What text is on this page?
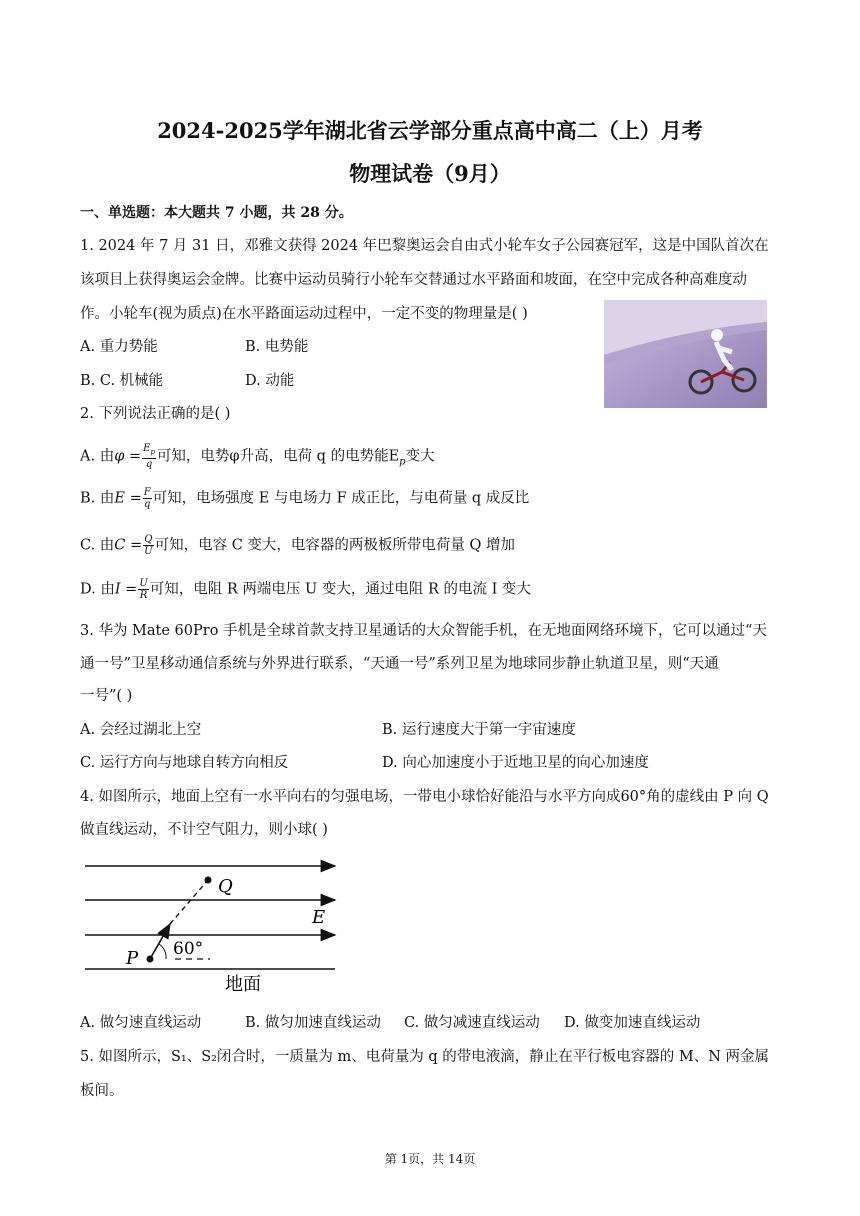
2024-2025学年湖北省云学部分重点高中高二（上）月考
物理试卷（9月）
一、单选题：本大题共 7 小题，共 28 分。
1. 2024 年 7 月 31 日，邓雅文获得 2024 年巴黎奥运会自由式小轮车女子公园赛冠军，这是中国队首次在
该项目上获得奥运会金牌。比赛中运动员骑行小轮车交替通过水平路面和坡面，在空中完成各种高难度动
作。小轮车(视为质点)在水平路面运动过程中，一定不变的物理量是( )
A. 重力势能	B. 电势能
B. C. 机械能	D. 动能
2. 下列说法正确的是( )
A. 由$\varphi = \frac{E_p}{q}$ 可知，电势φ升高，电荷 q 的电势能$E_p$变大
B. 由$E = \frac{F}{q}$ 可知，电场强度 E 与电场力 F 成正比，与电荷量 q 成反比
C. 由$C = \frac{Q}{U}$ 可知，电容 C 变大，电容器的两极板所带电荷量 Q 增加
D. 由$I = \frac{U}{R}$ 可知，电阻 R 两端电压 U 变大，通过电阻 R 的电流 I 变大
3. 华为 Mate 60Pro 手机是全球首款支持卫星通话的大众智能手机，在无地面网络环境下，它可以通过“天
通一号”卫星移动通信系统与外界进行联系，“天通一号”系列卫星为地球同步静止轨道卫星，则“天通
一号”( )
A. 会经过湖北上空	B. 运行速度大于第一宇宙速度
C. 运行方向与地球自转方向相反	D. 向心加速度小于近地卫星的向心加速度
4. 如图所示，地面上空有一水平向右的匀强电场，一带电小球恰好能沿与水平方向成60°角的虚线由 P 向 Q
做直线运动，不计空气阻力，则小球( )
Q
E
P 60°
地面
A. 做匀速直线运动	B. 做匀加速直线运动 C. 做匀减速直线运动 D. 做变加速直线运动
5. 如图所示，S₁、S₂闭合时，一质量为 m、电荷量为 q 的带电液滴，静止在平行板电容器的 M、N 两金属
板间。
第 1页，共 14页
